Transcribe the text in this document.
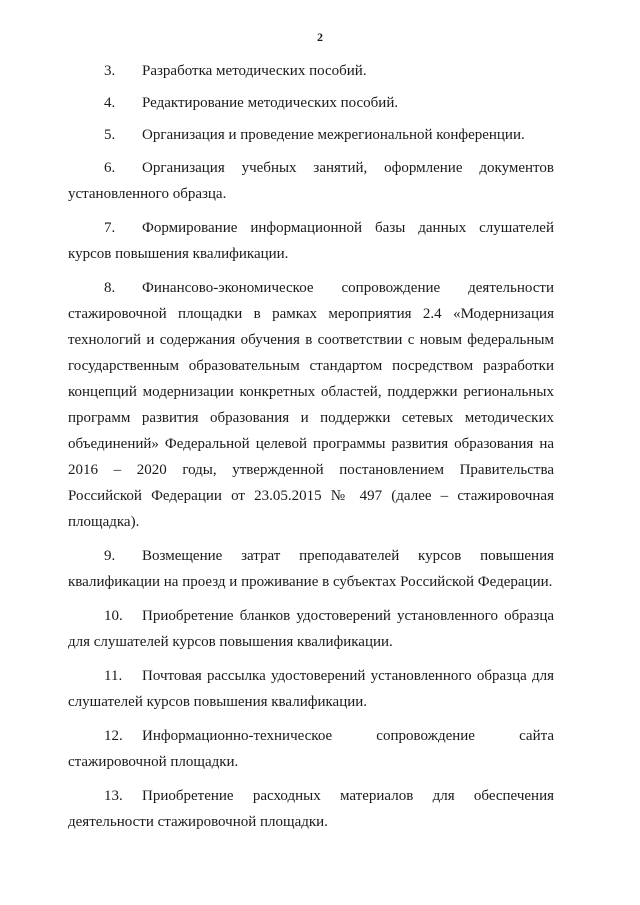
2

3. Разработка методических пособий.

4. Редактирование методических пособий.

5. Организация и проведение межрегиональной конференции.

6. Организация учебных занятий, оформление документов установленного образца.

7. Формирование информационной базы данных слушателей курсов повышения квалификации.

8. Финансово-экономическое сопровождение деятельности стажировочной площадки в рамках мероприятия 2.4 «Модернизация технологий и содержания обучения в соответствии с новым федеральным государственным образовательным стандартом посредством разработки концепций модернизации конкретных областей, поддержки региональных программ развития образования и поддержки сетевых методических объединений» Федеральной целевой программы развития образования на 2016 – 2020 годы, утвержденной постановлением Правительства Российской Федерации от 23.05.2015 № 497 (далее – стажировочная площадка).

9. Возмещение затрат преподавателей курсов повышения квалификации на проезд и проживание в субъектах Российской Федерации.

10. Приобретение бланков удостоверений установленного образца для слушателей курсов повышения квалификации.

11. Почтовая рассылка удостоверений установленного образца для слушателей курсов повышения квалификации.

12. Информационно-техническое сопровождение сайта стажировочной площадки.

13. Приобретение расходных материалов для обеспечения деятельности стажировочной площадки.
